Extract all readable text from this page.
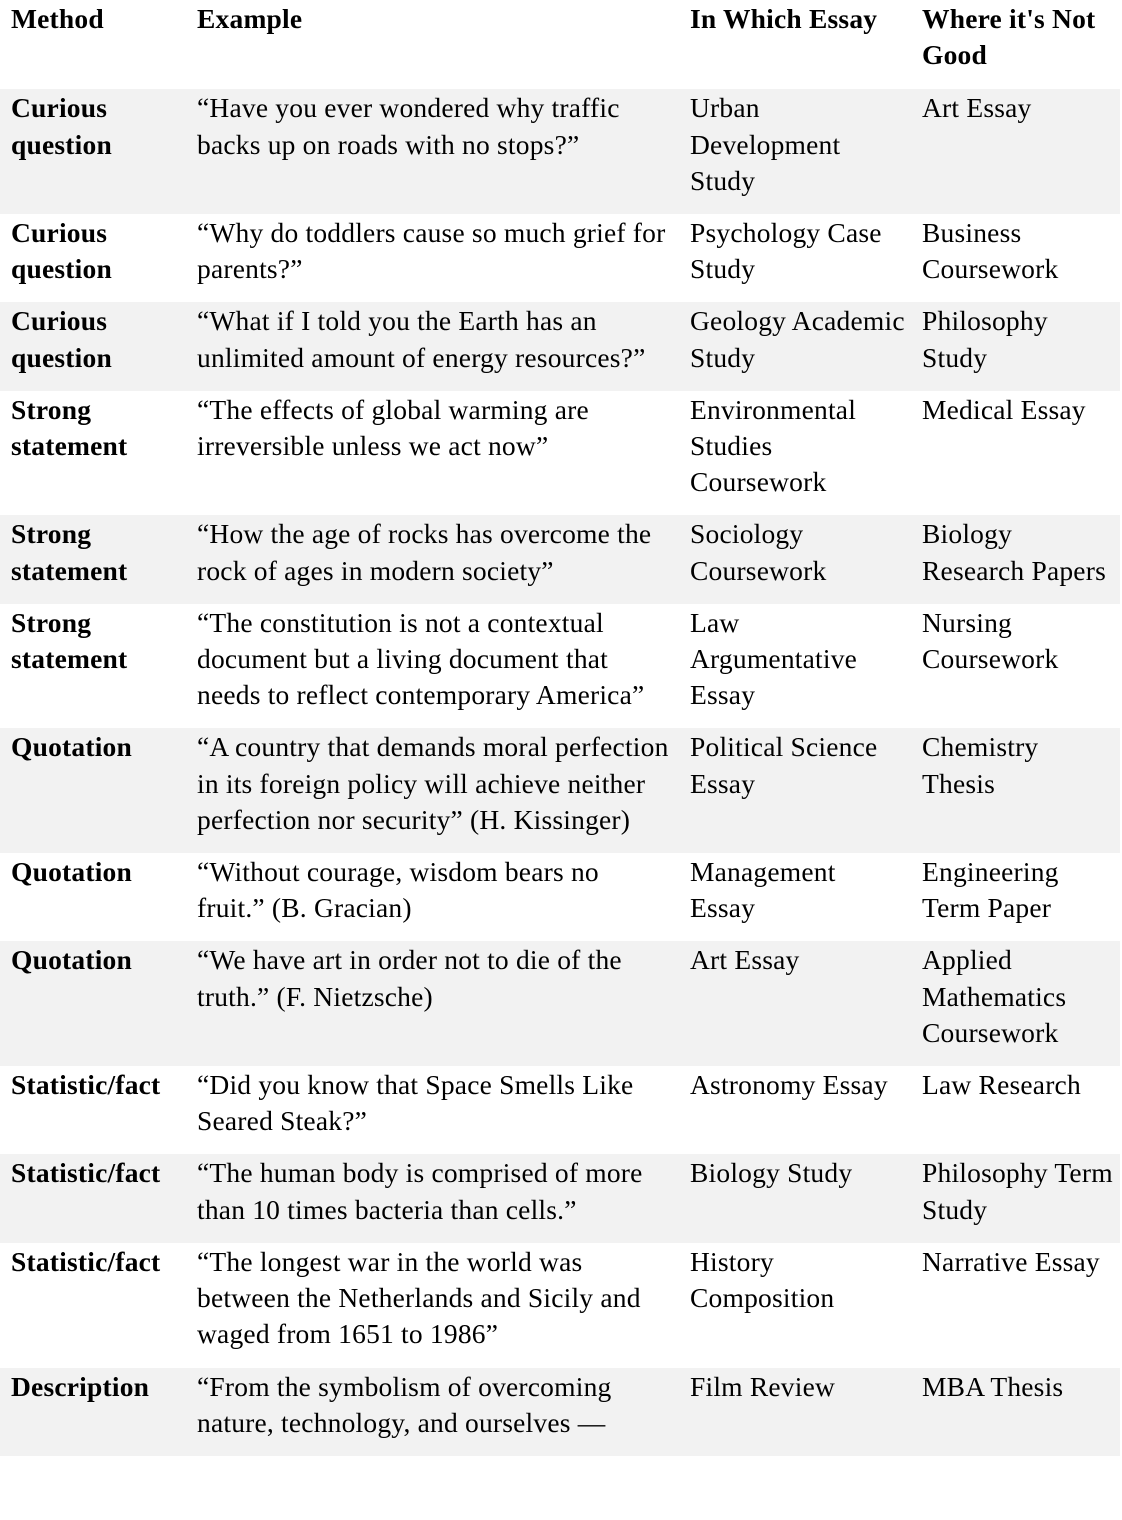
Method	Example	In Which Essay	Where it's Not Good
Curious question	“Have you ever wondered why traffic backs up on roads with no stops?”	Urban Development Study	Art Essay
Curious question	“Why do toddlers cause so much grief for parents?”	Psychology Case Study	Business Coursework
Curious question	“What if I told you the Earth has an unlimited amount of energy resources?”	Geology Academic Study	Philosophy Study
Strong statement	“The effects of global warming are irreversible unless we act now”	Environmental Studies Coursework	Medical Essay
Strong statement	“How the age of rocks has overcome the rock of ages in modern society”	Sociology Coursework	Biology Research Papers
Strong statement	“The constitution is not a contextual document but a living document that needs to reflect contemporary America”	Law Argumentative Essay	Nursing Coursework
Quotation	“A country that demands moral perfection in its foreign policy will achieve neither perfection nor security” (H. Kissinger)	Political Science Essay	Chemistry Thesis
Quotation	“Without courage, wisdom bears no fruit.” (B. Gracian)	Management Essay	Engineering Term Paper
Quotation	“We have art in order not to die of the truth.” (F. Nietzsche)	Art Essay	Applied Mathematics Coursework
Statistic/fact	“Did you know that Space Smells Like Seared Steak?”	Astronomy Essay	Law Research
Statistic/fact	“The human body is comprised of more than 10 times bacteria than cells.”	Biology Study	Philosophy Term Study
Statistic/fact	“The longest war in the world was between the Netherlands and Sicily and waged from 1651 to 1986”	History Composition	Narrative Essay
Description	“From the symbolism of overcoming nature, technology, and ourselves —	Film Review	MBA Thesis
